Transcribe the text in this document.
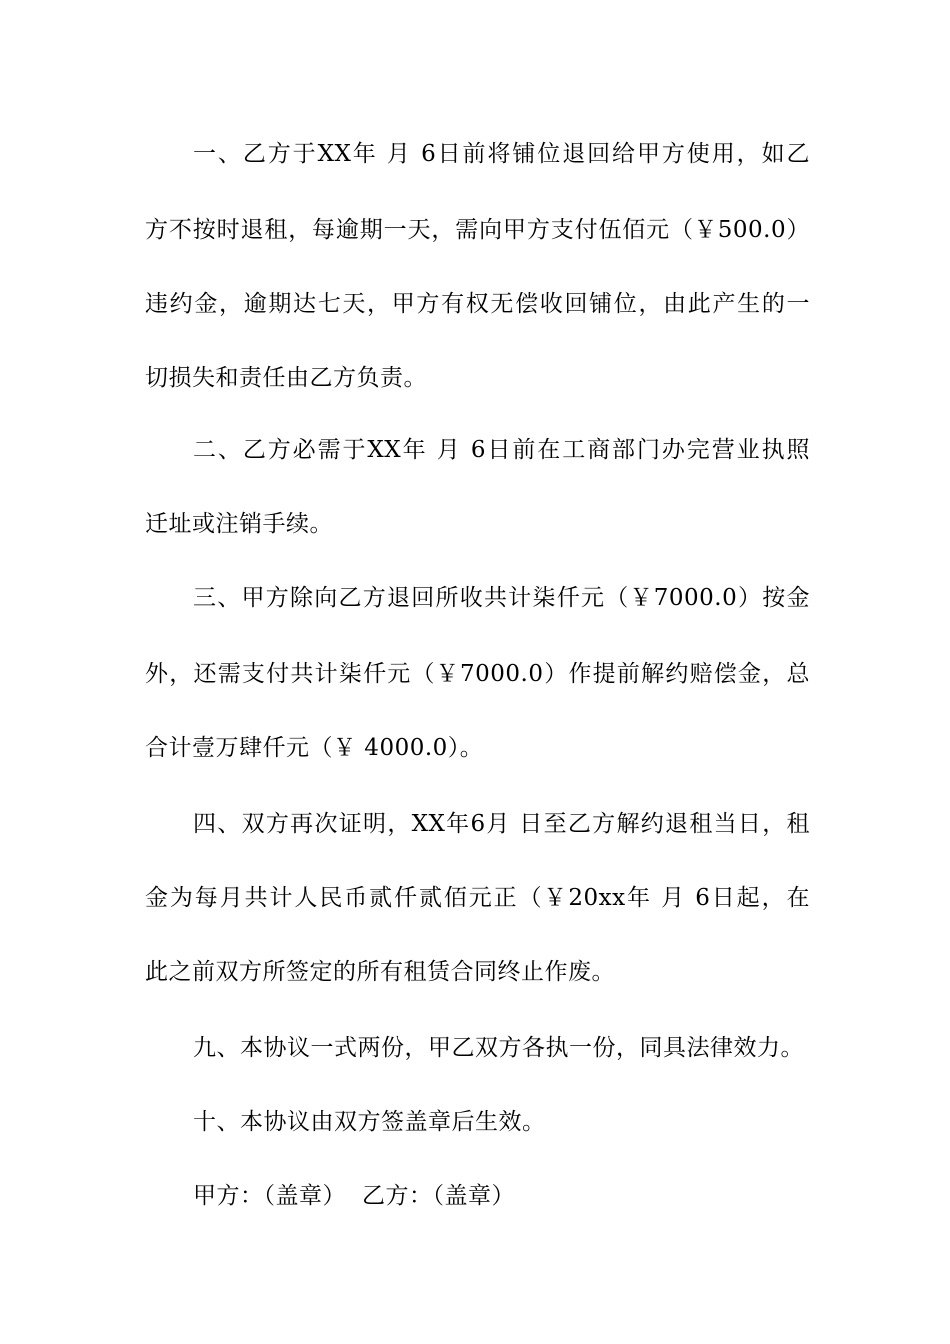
一、乙方于XX年 月 6日前将铺位退回给甲方使用，如乙
方不按时退租，每逾期一天，需向甲方支付伍佰元（￥500.0）
违约金，逾期达七天，甲方有权无偿收回铺位，由此产生的一
切损失和责任由乙方负责。
二、乙方必需于XX年 月 6日前在工商部门办完营业执照
迁址或注销手续。
三、甲方除向乙方退回所收共计柒仟元（￥7000.0）按金
外，还需支付共计柒仟元（￥7000.0）作提前解约赔偿金，总
合计壹万肆仟元（￥ 4000.0）。
四、双方再次证明，XX年6月 日至乙方解约退租当日，租
金为每月共计人民币贰仟贰佰元正（￥20xx年 月 6日起，在
此之前双方所签定的所有租赁合同终止作废。
九、本协议一式两份，甲乙双方各执一份，同具法律效力。
十、本协议由双方签盖章后生效。
甲方：（盖章） 乙方：（盖章）
